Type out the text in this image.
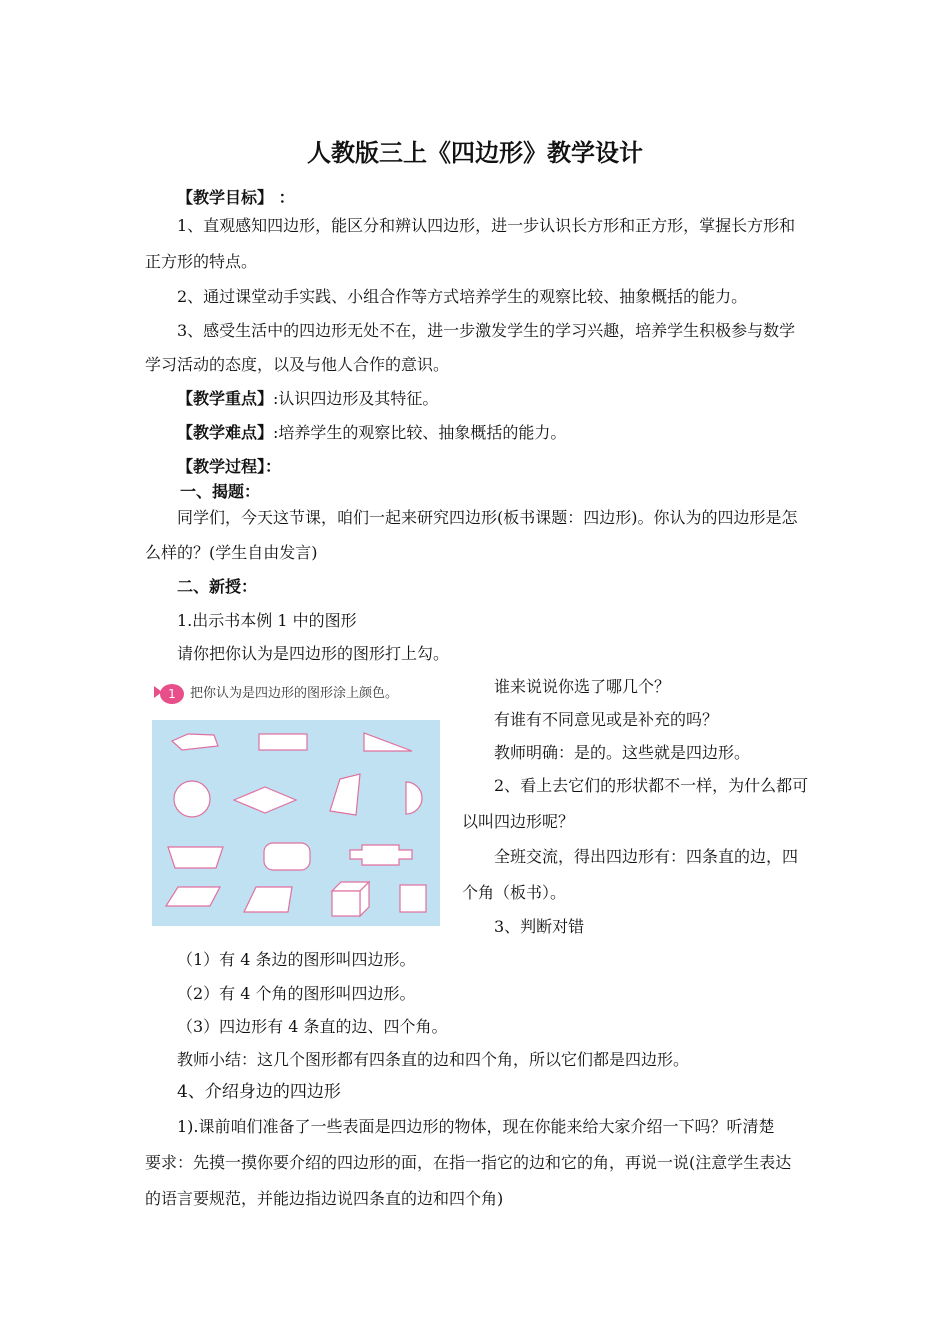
人教版三上《四边形》教学设计
【教学目标】 ：
1、直观感知四边形，能区分和辨认四边形，进一步认识长方形和正方形，掌握长方形和
正方形的特点。
2、通过课堂动手实践、小组合作等方式培养学生的观察比较、抽象概括的能力。
3、感受生活中的四边形无处不在，进一步激发学生的学习兴趣，培养学生积极参与数学
学习活动的态度，以及与他人合作的意识。
【教学重点】:认识四边形及其特征。
【教学难点】:培养学生的观察比较、抽象概括的能力。
【教学过程】：
一、揭题：
同学们，今天这节课，咱们一起来研究四边形(板书课题：四边形)。你认为的四边形是怎
么样的？(学生自由发言)
二、新授：
1.出示书本例 1 中的图形
请你把你认为是四边形的图形打上勾。
1 把你认为是四边形的图形涂上颜色。	谁来说说你选了哪几个？
有谁有不同意见或是补充的吗？
教师明确：是的。这些就是四边形。
2、看上去它们的形状都不一样，为什么都可
以叫四边形呢？
全班交流，得出四边形有：四条直的边，四
个角（板书）。
3、判断对错
（1）有 4 条边的图形叫四边形。
（2）有 4 个角的图形叫四边形。
（3）四边形有 4 条直的边、四个角。
教师小结：这几个图形都有四条直的边和四个角，所以它们都是四边形。
4、介绍身边的四边形
1).课前咱们准备了一些表面是四边形的物体，现在你能来给大家介绍一下吗？听清楚
要求：先摸一摸你要介绍的四边形的面，在指一指它的边和它的角，再说一说(注意学生表达
的语言要规范，并能边指边说四条直的边和四个角)
